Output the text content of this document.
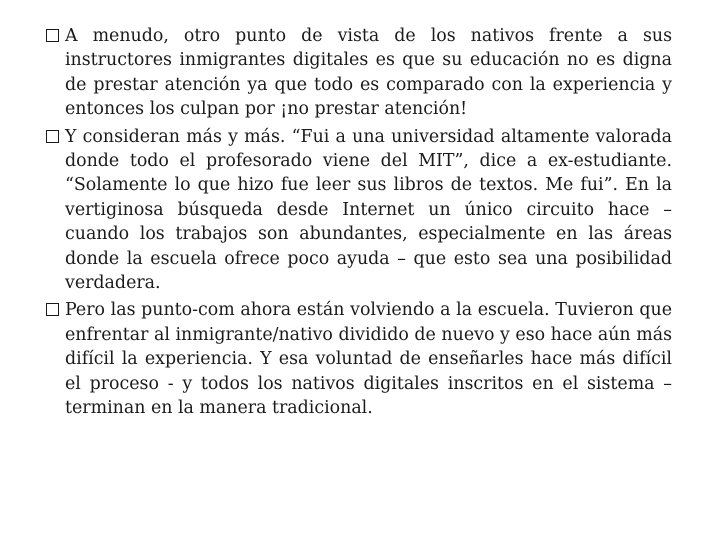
A menudo, otro punto de vista de los nativos frente a sus instructores inmigrantes digitales es que su educación no es digna de prestar atención ya que todo es comparado con la experiencia y entonces los culpan por ¡no prestar atención!
Y consideran más y más. “Fui a una universidad altamente valorada donde todo el profesorado viene del MIT”, dice a ex-estudiante. “Solamente lo que hizo fue leer sus libros de textos. Me fui”. En la vertiginosa búsqueda desde Internet un único circuito hace – cuando los trabajos son abundantes, especialmente en las áreas donde la escuela ofrece poco ayuda – que esto sea una posibilidad verdadera.
Pero las punto-com ahora están volviendo a la escuela. Tuvieron que enfrentar al inmigrante/nativo dividido de nuevo y eso hace aún más difícil la experiencia. Y esa voluntad de enseñarles hace más difícil el proceso - y todos los nativos digitales inscritos en el sistema – terminan en la manera tradicional.
